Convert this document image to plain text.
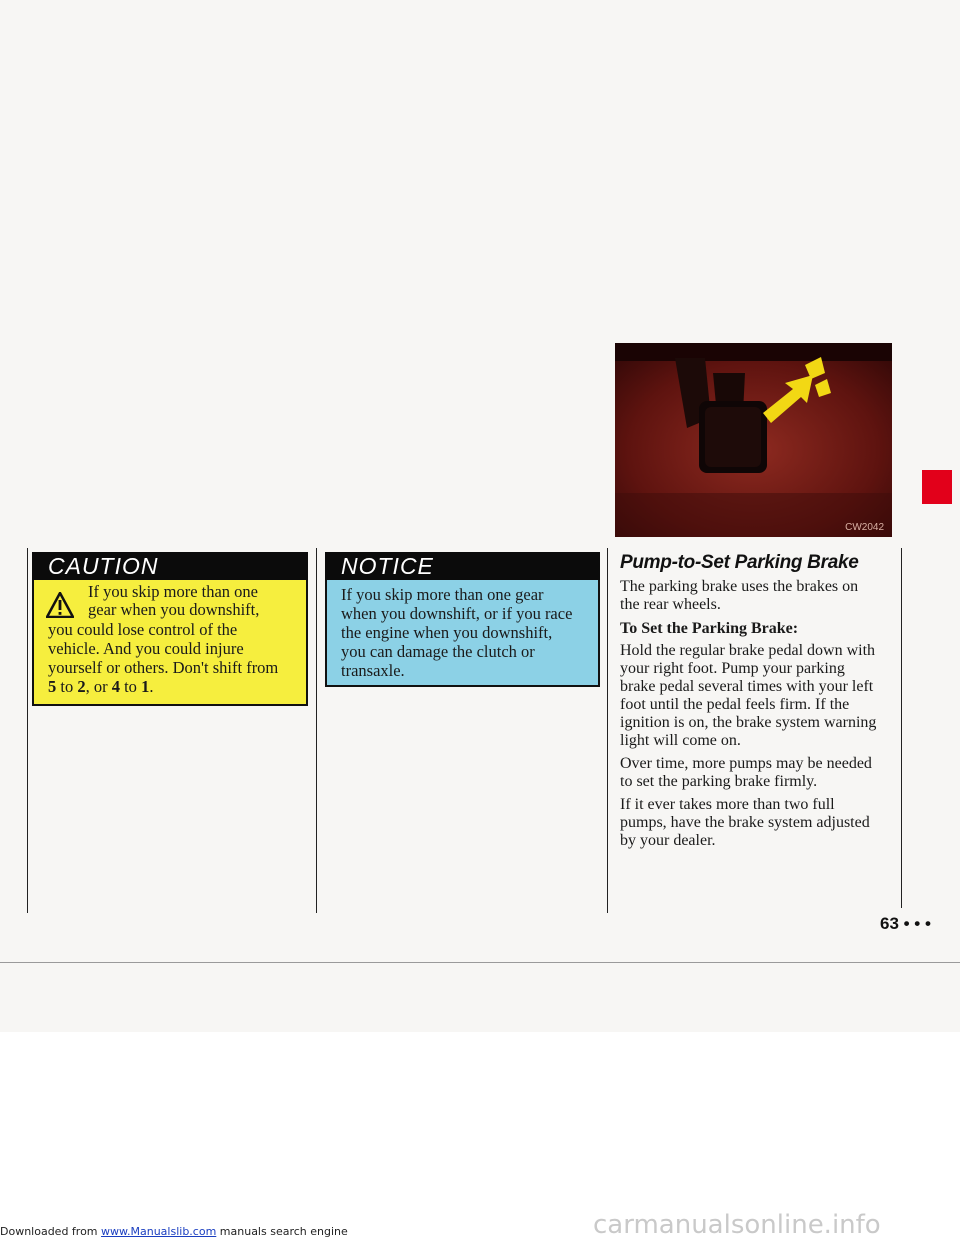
CAUTION
If you skip more than one
gear when you downshift,
you could lose control of the
vehicle. And you could injure
yourself or others. Don't shift from
5 to 2, or 4 to 1.
NOTICE
If you skip more than one gear
when you downshift, or if you race
the engine when you downshift,
you can damage the clutch or
transaxle.
CW2042
Pump-to-Set Parking Brake
The parking brake uses the brakes on
the rear wheels.
To Set the Parking Brake:
Hold the regular brake pedal down with
your right foot. Pump your parking
brake pedal several times with your left
foot until the pedal feels firm. If the
ignition is on, the brake system warning
light will come on.
Over time, more pumps may be needed
to set the parking brake firmly.
If it ever takes more than two full
pumps, have the brake system adjusted
by your dealer.
63 • • •
Downloaded from www.Manualslib.com manuals search engine	carmanualsonline.info
